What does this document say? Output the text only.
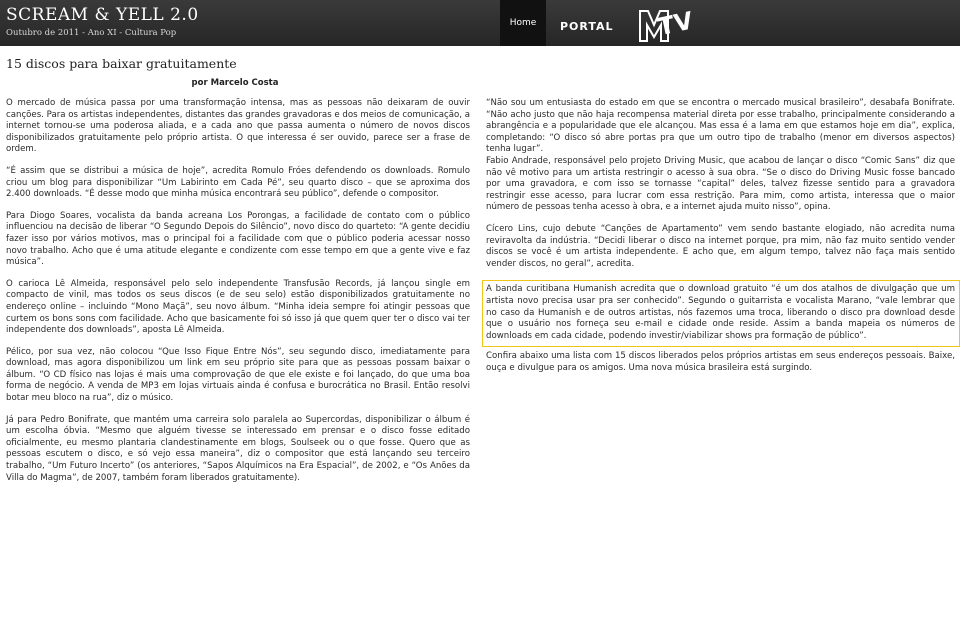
SCREAM & YELL 2.0
Outubro de 2011 - Ano XI - Cultura Pop
Home	PORTAL TV
15 discos para baixar gratuitamente
por Marcelo Costa

O mercado de música passa por uma transformação intensa, mas as pessoas não deixaram de ouvir canções. Para os artistas independentes, distantes das grandes gravadoras e dos meios de comunicação, a internet tornou-se uma poderosa aliada, e a cada ano que passa aumenta o número de novos discos disponibilizados gratuitamente pelo próprio artista. O que interessa é ser ouvido, parece ser a frase de ordem.

“É assim que se distribui a música de hoje”, acredita Romulo Fróes defendendo os downloads. Romulo criou um blog para disponibilizar “Um Labirinto em Cada Pé”, seu quarto disco – que se aproxima dos 2.400 downloads. “É desse modo que minha música encontrará seu público”, defende o compositor.

Para Diogo Soares, vocalista da banda acreana Los Porongas, a facilidade de contato com o público influenciou na decisão de liberar “O Segundo Depois do Silêncio”, novo disco do quarteto: “A gente decidiu fazer isso por vários motivos, mas o principal foi a facilidade com que o público poderia acessar nosso novo trabalho. Acho que é uma atitude elegante e condizente com esse tempo em que a gente vive e faz música”.

O carioca Lê Almeida, responsável pelo selo independente Transfusão Records, já lançou single em compacto de vinil, mas todos os seus discos (e de seu selo) estão disponibilizados gratuitamente no endereço online – incluindo “Mono Maçã”, seu novo álbum. “Minha ideia sempre foi atingir pessoas que curtem os bons sons com facilidade. Acho que basicamente foi só isso já que quem quer ter o disco vai ter independente dos downloads”, aposta Lê Almeida.

Pélico, por sua vez, não colocou “Que Isso Fique Entre Nós”, seu segundo disco, imediatamente para download, mas agora disponibilizou um link em seu próprio site para que as pessoas possam baixar o álbum. “O CD físico nas lojas é mais uma comprovação de que ele existe e foi lançado, do que uma boa forma de negócio. A venda de MP3 em lojas virtuais ainda é confusa e burocrática no Brasil. Então resolvi botar meu bloco na rua”, diz o músico.

Já para Pedro Bonifrate, que mantém uma carreira solo paralela ao Supercordas, disponibilizar o álbum é um escolha óbvia. “Mesmo que alguém tivesse se interessado em prensar e o disco fosse editado oficialmente, eu mesmo plantaria clandestinamente em blogs, Soulseek ou o que fosse. Quero que as pessoas escutem o disco, e só vejo essa maneira”, diz o compositor que está lançando seu terceiro trabalho, “Um Futuro Incerto” (os anteriores, “Sapos Alquímicos na Era Espacial”, de 2002, e “Os Anões da Villa do Magma”, de 2007, também foram liberados gratuitamente).

“Não sou um entusiasta do estado em que se encontra o mercado musical brasileiro”, desabafa Bonifrate. “Não acho justo que não haja recompensa material direta por esse trabalho, principalmente considerando a abrangência e a popularidade que ele alcançou. Mas essa é a lama em que estamos hoje em dia”, explica, completando: “O disco só abre portas pra que um outro tipo de trabalho (menor em diversos aspectos) tenha lugar”.

Fabio Andrade, responsável pelo projeto Driving Music, que acabou de lançar o disco “Comic Sans” diz que não vê motivo para um artista restringir o acesso à sua obra. “Se o disco do Driving Music fosse bancado por uma gravadora, e com isso se tornasse “capital” deles, talvez fizesse sentido para a gravadora restringir esse acesso, para lucrar com essa restrição. Para mim, como artista, interessa que o maior número de pessoas tenha acesso à obra, e a internet ajuda muito nisso”, opina.

Cícero Lins, cujo debute “Canções de Apartamento” vem sendo bastante elogiado, não acredita numa reviravolta da indústria. “Decidi liberar o disco na internet porque, pra mim, não faz muito sentido vender discos se você é um artista independente. E acho que, em algum tempo, talvez não faça mais sentido vender discos, no geral”, acredita.

A banda curitibana Humanish acredita que o download gratuito “é um dos atalhos de divulgação que um artista novo precisa usar pra ser conhecido”. Segundo o guitarrista e vocalista Marano, “vale lembrar que no caso da Humanish e de outros artistas, nós fazemos uma troca, liberando o disco pra download desde que o usuário nos forneça seu e-mail e cidade onde reside. Assim a banda mapeia os números de downloads em cada cidade, podendo investir/viabilizar shows pra formação de público”.

Confira abaixo uma lista com 15 discos liberados pelos próprios artistas em seus endereços pessoais. Baixe, ouça e divulgue para os amigos. Uma nova música brasileira está surgindo.
